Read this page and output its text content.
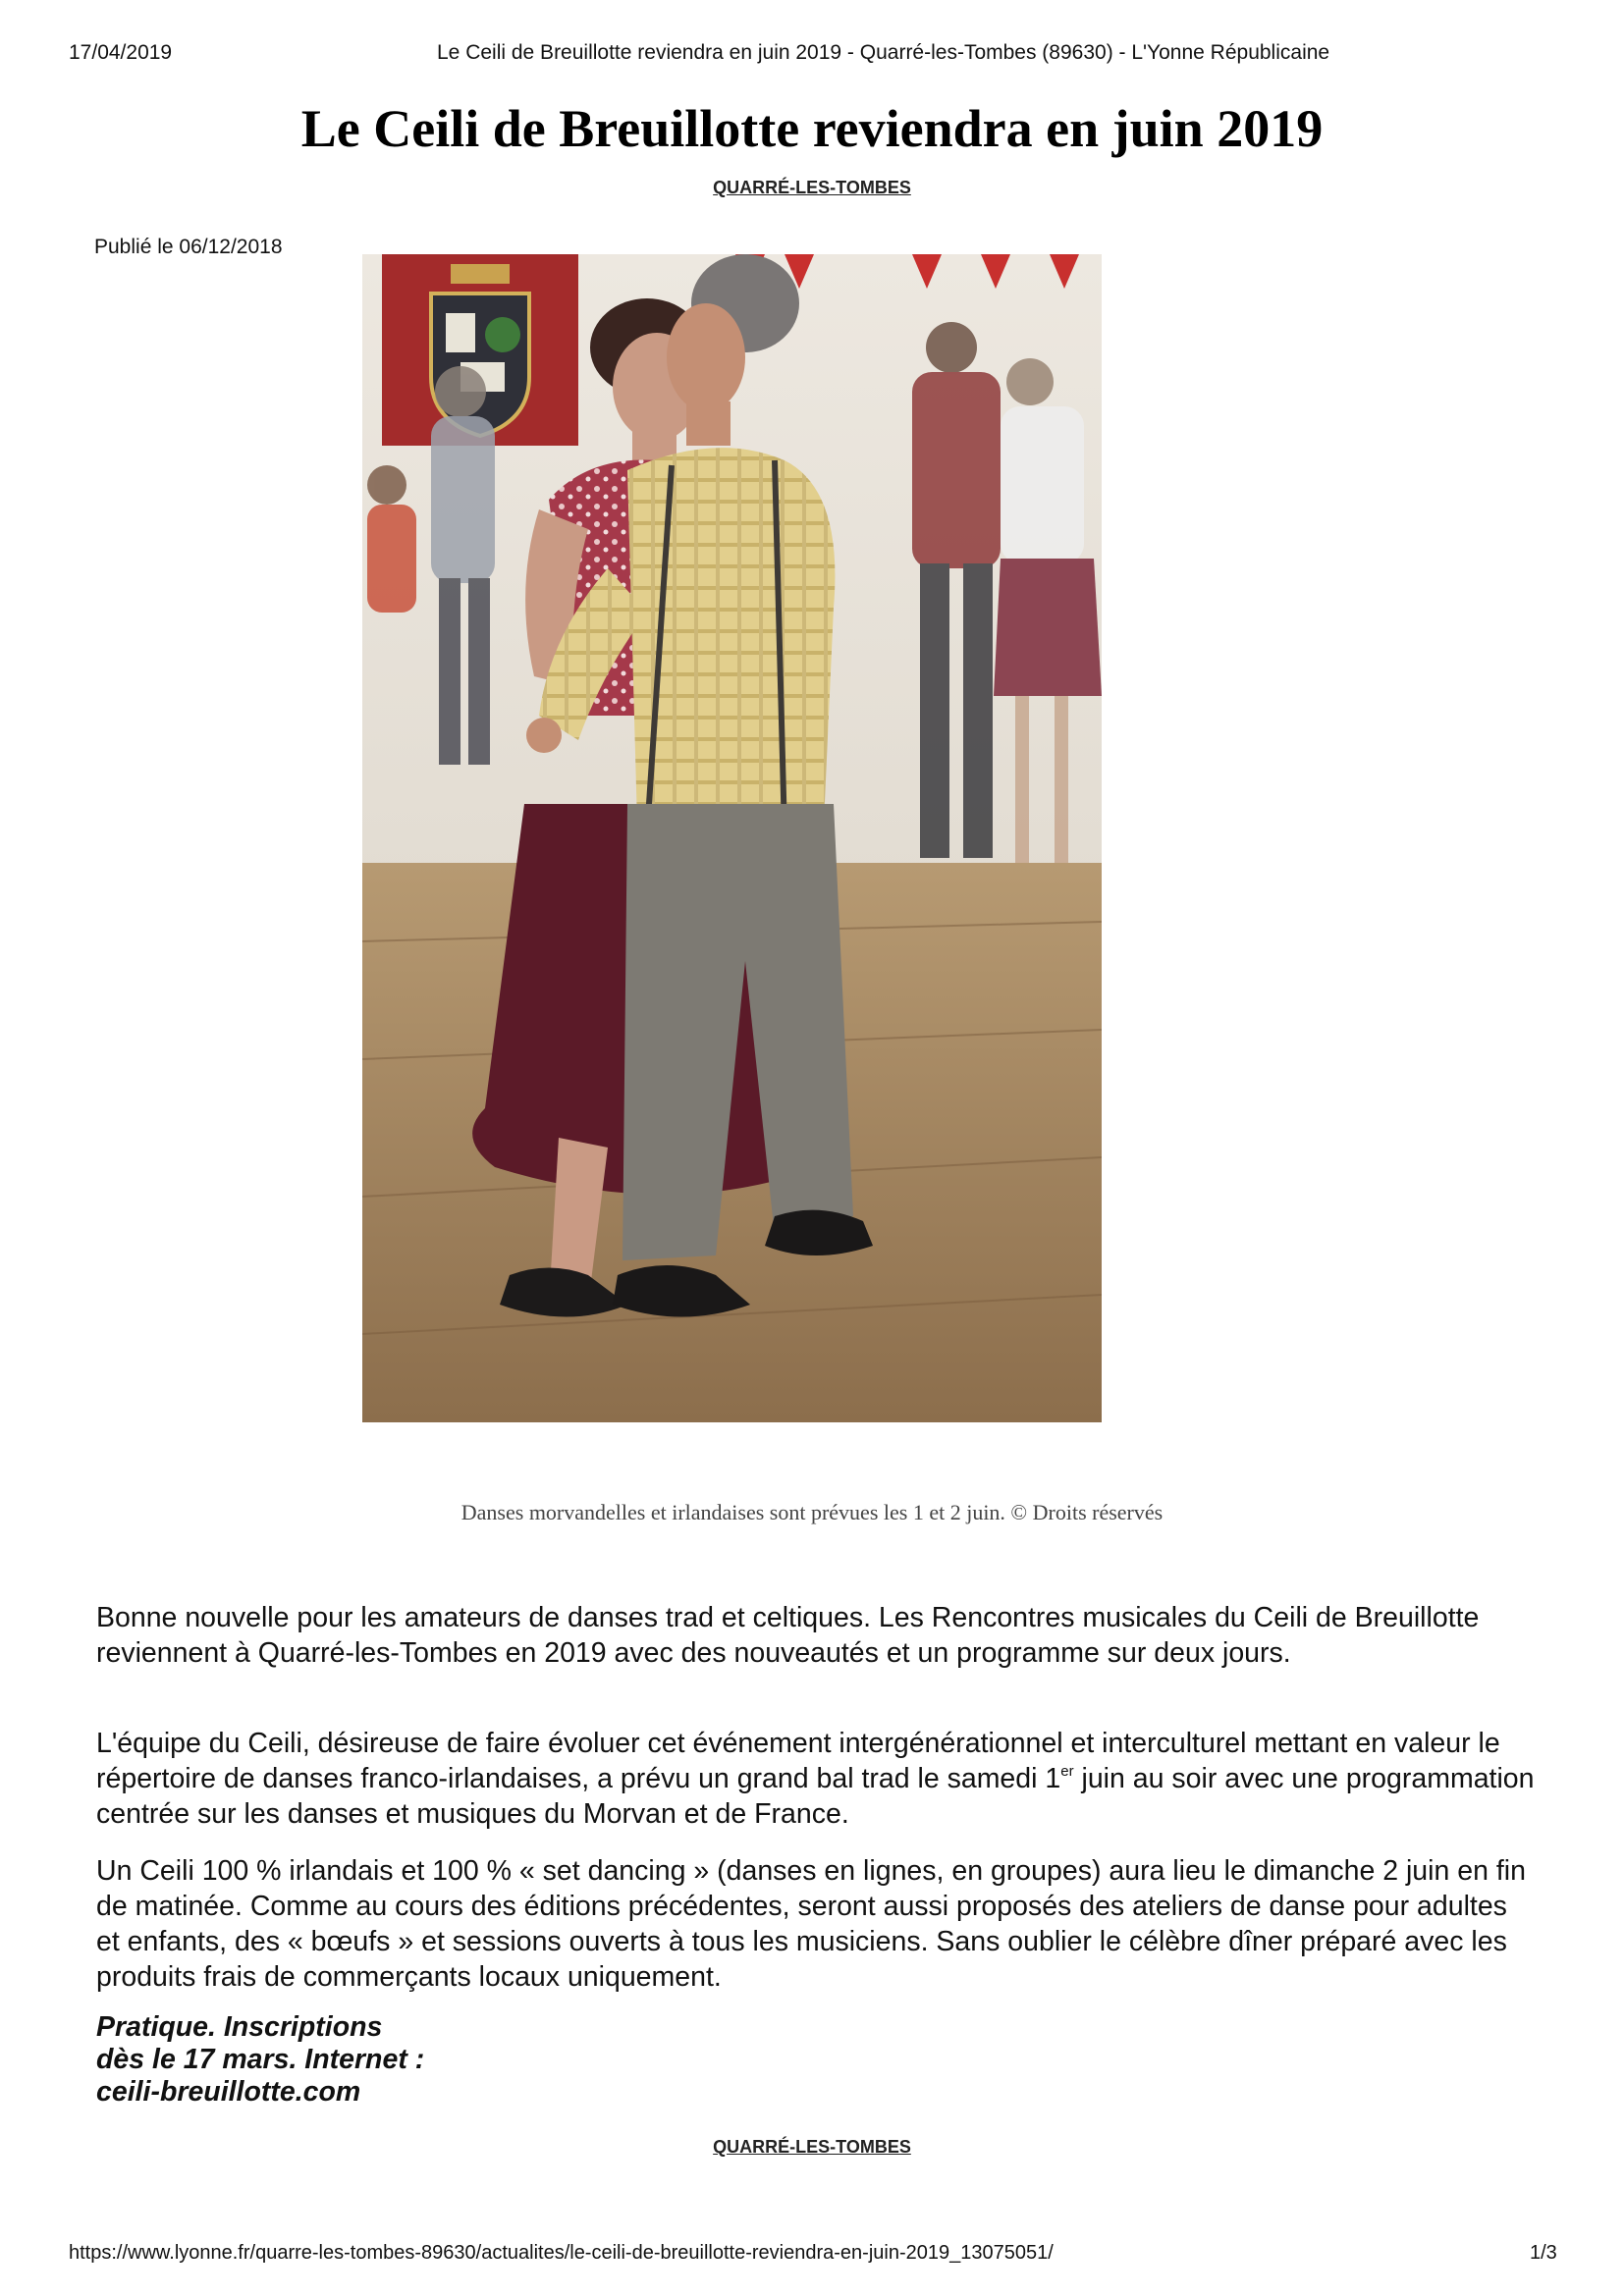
17/04/2019	Le Ceili de Breuillotte reviendra en juin 2019 - Quarré-les-Tombes (89630) - L'Yonne Républicaine
Le Ceili de Breuillotte reviendra en juin 2019
QUARRÉ-LES-TOMBES
Publié le 06/12/2018
Danses morvandelles et irlandaises sont prévues les 1 et 2 juin. © Droits réservés

Bonne nouvelle pour les amateurs de danses trad et celtiques. Les Rencontres musicales du Ceili de Breuillotte reviennent à Quarré-les-Tombes en 2019 avec des nouveautés et un programme sur deux jours.

L'équipe du Ceili, désireuse de faire évoluer cet événement intergénérationnel et interculturel mettant en valeur le répertoire de danses franco-irlandaises, a prévu un grand bal trad le samedi 1er juin au soir avec une programmation centrée sur les danses et musiques du Morvan et de France.

Un Ceili 100 % irlandais et 100 % « set dancing » (danses en lignes, en groupes) aura lieu le dimanche 2 juin en fin de matinée. Comme au cours des éditions précédentes, seront aussi proposés des ateliers de danse pour adultes et enfants, des « bœufs » et sessions ouverts à tous les musiciens. Sans oublier le célèbre dîner préparé avec les produits frais de commerçants locaux uniquement.

Pratique. Inscriptions
dès le 17 mars. Internet :
ceili-breuillotte.com
QUARRÉ-LES-TOMBES
https://www.lyonne.fr/quarre-les-tombes-89630/actualites/le-ceili-de-breuillotte-reviendra-en-juin-2019_13075051/	1/3
